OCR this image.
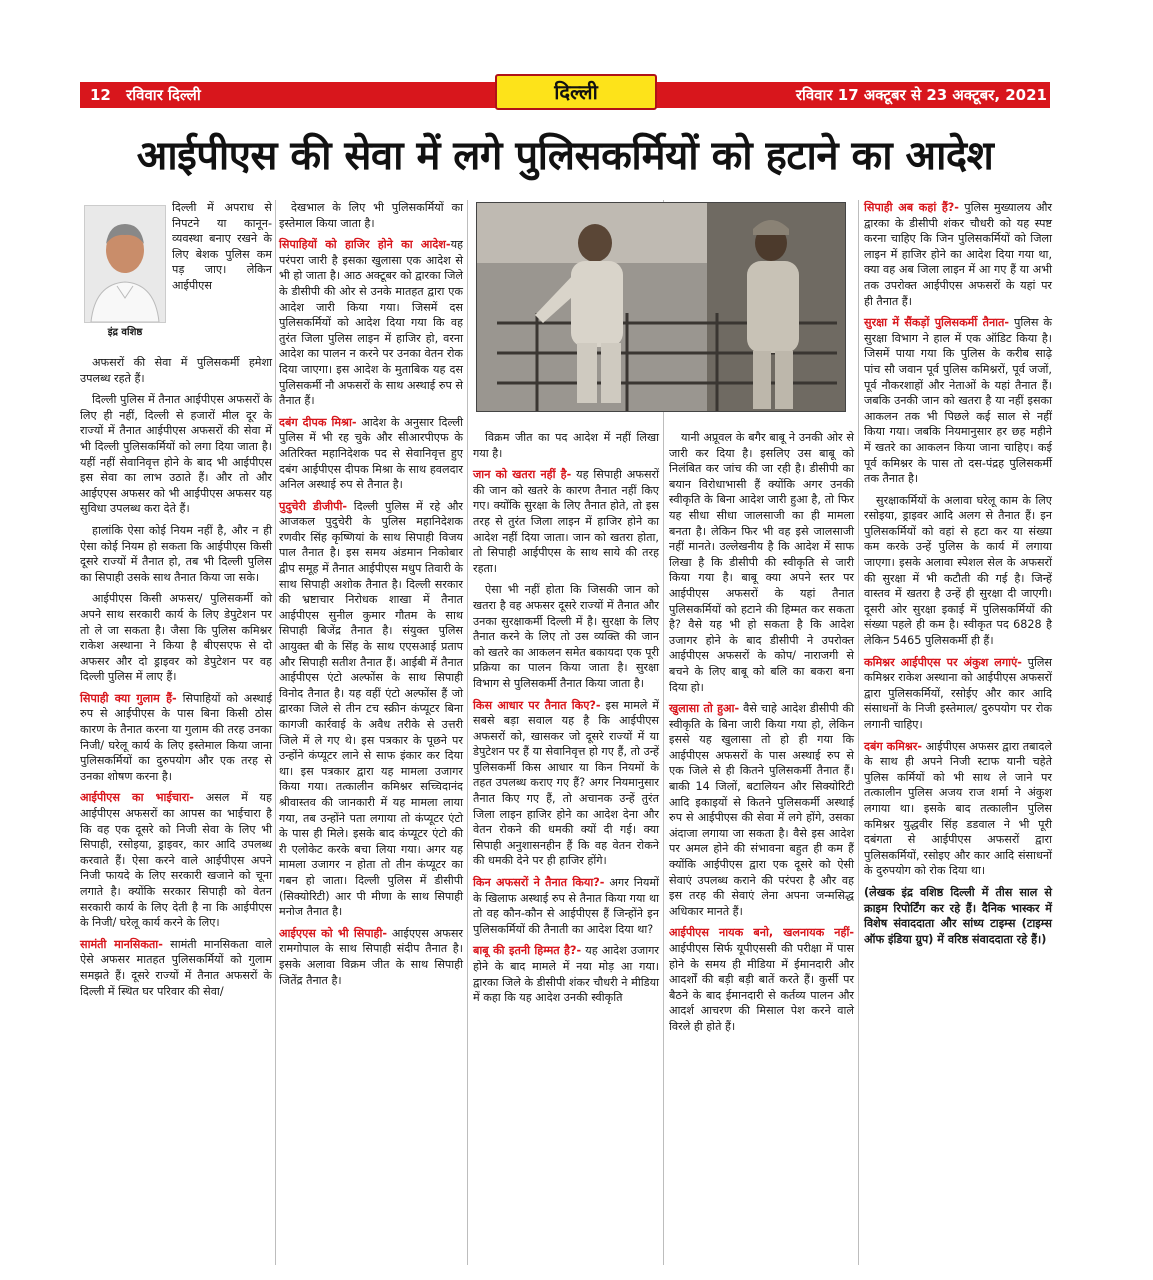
12 रविवार दिल्ली	दिल्ली	रविवार 17 अक्टूबर से 23 अक्टूबर, 2021
आईपीएस की सेवा में लगे पुलिसकर्मियों को हटाने का आदेश
इंद्र वशिष्ठ

दिल्ली में अपराध से निपटने या कानून-व्यवस्था बनाए रखने के लिए बेशक पुलिस कम पड़ जाए। लेकिन आईपीएस

अफसरों की सेवा में पुलिसकर्मी हमेशा उपलब्ध रहते हैं।

दिल्ली पुलिस में तैनात आईपीएस अफसरों के लिए ही नहीं, दिल्ली से हजारों मील दूर के राज्यों में तैनात आईपीएस अफसरों की सेवा में भी दिल्ली पुलिसकर्मियों को लगा दिया जाता है। यहीं नहीं सेवानिवृत्त होने के बाद भी आईपीएस इस सेवा का लाभ उठाते हैं। और तो और आईएएस अफसर को भी आईपीएस अफसर यह सुविधा उपलब्ध करा देते हैं।

हालांकि ऐसा कोई नियम नहीं है, और न ही ऐसा कोई नियम हो सकता कि आईपीएस किसी दूसरे राज्यों में तैनात हो, तब भी दिल्ली पुलिस का सिपाही उसके साथ तैनात किया जा सके।

आईपीएस किसी अफसर/ पुलिसकर्मी को अपने साथ सरकारी कार्य के लिए डेपुटेशन पर तो ले जा सकता है। जैसा कि पुलिस कमिश्नर राकेश अस्थाना ने किया है बीएसएफ से दो अफसर और दो ड्राइवर को डेपुटेशन पर वह दिल्ली पुलिस में लाए हैं।

सिपाही क्या गुलाम हैं- सिपाहियों को अस्थाई रुप से आईपीएस के पास बिना किसी ठोस कारण के तैनात करना या गुलाम की तरह उनका निजी/ घरेलू कार्य के लिए इस्तेमाल किया जाना पुलिसकर्मियों का दुरुपयोग और एक तरह से उनका शोषण करना है।

आईपीएस का भाईचारा- असल में यह आईपीएस अफसरों का आपस का भाईचारा है कि वह एक दूसरे को निजी सेवा के लिए भी सिपाही, रसोइया, ड्राइवर, कार आदि उपलब्ध करवाते हैं। ऐसा करने वाले आईपीएस अपने निजी फायदे के लिए सरकारी खजाने को चूना लगाते है। क्योंकि सरकार सिपाही को वेतन सरकारी कार्य के लिए देती है ना कि आईपीएस के निजी/ घरेलू कार्य करने के लिए।

सामंती मानसिकता- सामंती मानसिकता वाले ऐसे अफसर मातहत पुलिसकर्मियों को गुलाम समझते हैं। दूसरे राज्यों में तैनात अफसरों के दिल्ली में स्थित घर परिवार की सेवा/

देखभाल के लिए भी पुलिसकर्मियों का इस्तेमाल किया जाता है।

सिपाहियों को हाजिर होने का आदेश-यह परंपरा जारी है इसका खुलासा एक आदेश से भी हो जाता है। आठ अक्टूबर को द्वारका जिले के डीसीपी की ओर से उनके मातहत द्वारा एक आदेश जारी किया गया। जिसमें दस पुलिसकर्मियों को आदेश दिया गया कि वह तुरंत जिला पुलिस लाइन में हाजिर हो, वरना आदेश का पालन न करने पर उनका वेतन रोक दिया जाएगा। इस आदेश के मुताबिक यह दस पुलिसकर्मी नौ अफसरों के साथ अस्थाई रुप से तैनात हैं।

दबंग दीपक मिश्रा- आदेश के अनुसार दिल्ली पुलिस में भी रह चुके और सीआरपीएफ के अतिरिक्त महानिदेशक पद से सेवानिवृत्त हुए दबंग आईपीएस दीपक मिश्रा के साथ हवलदार अनिल अस्थाई रुप से तैनात है।

पुदुचेरी डीजीपी- दिल्ली पुलिस में रहे और आजकल पुदुचेरी के पुलिस महानिदेशक रणवीर सिंह कृष्णियां के साथ सिपाही विजय पाल तैनात है। इस समय अंडमान निकोबार द्वीप समूह में तैनात आईपीएस मधुप तिवारी के साथ सिपाही अशोक तैनात है। दिल्ली सरकार की भ्रष्टाचार निरोधक शाखा में तैनात आईपीएस सुनील कुमार गौतम के साथ सिपाही बिजेंद्र तैनात है। संयुक्त पुलिस आयुक्त बी के सिंह के साथ एएसआई प्रताप और सिपाही सतीश तैनात हैं। आईबी में तैनात आईपीएस एंटो अल्फोंस के साथ सिपाही विनोद तैनात है। यह वहीं एंटो अल्फोंस हैं जो द्वारका जिले से तीन टच स्क्रीन कंप्यूटर बिना कागजी कार्रवाई के अवैध तरीके से उत्तरी जिले में ले गए थे। इस पत्रकार के पूछने पर उन्होंने कंप्यूटर लाने से साफ इंकार कर दिया था। इस पत्रकार द्वारा यह मामला उजागर किया गया। तत्कालीन कमिश्नर सच्चिदानंद श्रीवास्तव की जानकारी में यह मामला लाया गया, तब उन्होंने पता लगाया तो कंप्यूटर एंटो के पास ही मिले। इसके बाद कंप्यूटर एंटो की री एलोकेट करके बचा लिया गया। अगर यह मामला उजागर न होता तो तीन कंप्यूटर का गबन हो जाता। दिल्ली पुलिस में डीसीपी (सिक्योरिटी) आर पी मीणा के साथ सिपाही मनोज तैनात है।

आईएएस को भी सिपाही- आईएएस अफसर रामगोपाल के साथ सिपाही संदीप तैनात है। इसके अलावा विक्रम जीत के साथ सिपाही जितेंद्र तैनात है।

विक्रम जीत का पद आदेश में नहीं लिखा गया है।

जान को खतरा नहीं है- यह सिपाही अफसरों की जान को खतरे के कारण तैनात नहीं किए गए। क्योंकि सुरक्षा के लिए तैनात होते, तो इस तरह से तुरंत जिला लाइन में हाजिर होने का आदेश नहीं दिया जाता। जान को खतरा होता, तो सिपाही आईपीएस के साथ साये की तरह रहता।

ऐसा भी नहीं होता कि जिसकी जान को खतरा है वह अफसर दूसरे राज्यों में तैनात और उनका सुरक्षाकर्मी दिल्ली में है। सुरक्षा के लिए तैनात करने के लिए तो उस व्यक्ति की जान को खतरे का आकलन समेत बकायदा एक पूरी प्रक्रिया का पालन किया जाता है। सुरक्षा विभाग से पुलिसकर्मी तैनात किया जाता है।

किस आधार पर तैनात किए?- इस मामले में सबसे बड़ा सवाल यह है कि आईपीएस अफसरों को, खासकर जो दूसरे राज्यों में या डेपुटेशन पर हैं या सेवानिवृत्त हो गए हैं, तो उन्हें पुलिसकर्मी किस आधार या किन नियमों के तहत उपलब्ध कराए गए हैं? अगर नियमानुसार तैनात किए गए हैं, तो अचानक उन्हें तुरंत जिला लाइन हाजिर होने का आदेश देना और वेतन रोकने की धमकी क्यों दी गई। क्या सिपाही अनुशासनहीन हैं कि वह वेतन रोकने की धमकी देने पर ही हाजिर होंगे।

किन अफसरों ने तैनात किया?- अगर नियमों के खिलाफ अस्थाई रुप से तैनात किया गया था तो वह कौन-कौन से आईपीएस हैं जिन्होंने इन पुलिसकर्मियों की तैनाती का आदेश दिया था?

बाबू की इतनी हिम्मत है?- यह आदेश उजागर होने के बाद मामले में नया मोड़ आ गया। द्वारका जिले के डीसीपी शंकर चौधरी ने मीडिया में कहा कि यह आदेश उनकी स्वीकृति

यानी अप्रूवल के बगैर बाबू ने उनकी ओर से जारी कर दिया है। इसलिए उस बाबू को निलंबित कर जांच की जा रही है। डीसीपी का बयान विरोधाभासी हैं क्योंकि अगर उनकी स्वीकृति के बिना आदेश जारी हुआ है, तो फिर यह सीधा सीधा जालसाजी का ही मामला बनता है। लेकिन फिर भी वह इसे जालसाजी नहीं मानते। उल्लेखनीय है कि आदेश में साफ लिखा है कि डीसीपी की स्वीकृति से जारी किया गया है। बाबू क्या अपने स्तर पर आईपीएस अफसरों के यहां तैनात पुलिसकर्मियों को हटाने की हिम्मत कर सकता है? वैसे यह भी हो सकता है कि आदेश उजागर होने के बाद डीसीपी ने उपरोक्त आईपीएस अफसरों के कोप/ नाराजगी से बचने के लिए बाबू को बलि का बकरा बना दिया हो।

खुलासा तो हुआ- वैसे चाहे आदेश डीसीपी की स्वीकृति के बिना जारी किया गया हो, लेकिन इससे यह खुलासा तो हो ही गया कि आईपीएस अफसरों के पास अस्थाई रुप से एक जिले से ही कितने पुलिसकर्मी तैनात हैं। बाकी 14 जिलों, बटालियन और सिक्योरिटी आदि इकाइयों से कितने पुलिसकर्मी अस्थाई रुप से आईपीएस की सेवा में लगे होंगे, उसका अंदाजा लगाया जा सकता है। वैसे इस आदेश पर अमल होने की संभावना बहुत ही कम हैं क्योंकि आईपीएस द्वारा एक दूसरे को ऐसी सेवाएं उपलब्ध कराने की परंपरा है और वह इस तरह की सेवाएं लेना अपना जन्मसिद्ध अधिकार मानते हैं।

आईपीएस नायक बनो, खलनायक नहीं- आईपीएस सिर्फ यूपीएससी की परीक्षा में पास होने के समय ही मीडिया में ईमानदारी और आदर्शों की बड़ी बड़ी बातें करते हैं। कुर्सी पर बैठने के बाद ईमानदारी से कर्तव्य पालन और आदर्श आचरण की मिसाल पेश करने वाले विरले ही होते हैं।

सिपाही अब कहां हैं?- पुलिस मुख्यालय और द्वारका के डीसीपी शंकर चौधरी को यह स्पष्ट करना चाहिए कि जिन पुलिसकर्मियों को जिला लाइन में हाजिर होने का आदेश दिया गया था, क्या वह अब जिला लाइन में आ गए हैं या अभी तक उपरोक्त आईपीएस अफसरों के यहां पर ही तैनात हैं।

सुरक्षा में सैंकड़ों पुलिसकर्मी तैनात- पुलिस के सुरक्षा विभाग ने हाल में एक ऑडिट किया है। जिसमें पाया गया कि पुलिस के करीब साढ़े पांच सौ जवान पूर्व पुलिस कमिश्नरों, पूर्व जजों, पूर्व नौकरशाहों और नेताओं के यहां तैनात हैं। जबकि उनकी जान को खतरा है या नहीं इसका आकलन तक भी पिछले कई साल से नहीं किया गया। जबकि नियमानुसार हर छह महीने में खतरे का आकलन किया जाना चाहिए। कई पूर्व कमिश्नर के पास तो दस-पंद्रह पुलिसकर्मी तक तैनात है।

सुरक्षाकर्मियों के अलावा घरेलू काम के लिए रसोइया, ड्राइवर आदि अलग से तैनात हैं। इन पुलिसकर्मियों को वहां से हटा कर या संख्या कम करके उन्हें पुलिस के कार्य में लगाया जाएगा। इसके अलावा स्पेशल सेल के अफसरों की सुरक्षा में भी कटौती की गई है। जिन्हें वास्तव में खतरा है उन्हें ही सुरक्षा दी जाएगी। दूसरी ओर सुरक्षा इकाई में पुलिसकर्मियों की संख्या पहले ही कम है। स्वीकृत पद 6828 है लेकिन 5465 पुलिसकर्मी ही हैं।

कमिश्नर आईपीएस पर अंकुश लगाएं- पुलिस कमिश्नर राकेश अस्थाना को आईपीएस अफसरों द्वारा पुलिसकर्मियों, रसोईए और कार आदि संसाधनों के निजी इस्तेमाल/ दुरुपयोग पर रोक लगानी चाहिए।

दबंग कमिश्नर- आईपीएस अफसर द्वारा तबादले के साथ ही अपने निजी स्टाफ यानी चहेते पुलिस कर्मियों को भी साथ ले जाने पर तत्कालीन पुलिस अजय राज शर्मा ने अंकुश लगाया था। इसके बाद तत्कालीन पुलिस कमिश्नर युद्धवीर सिंह डडवाल ने भी पूरी दबंगता से आईपीएस अफसरों द्वारा पुलिसकर्मियों, रसोइए और कार आदि संसाधनों के दुरुपयोग को रोक दिया था।

(लेखक इंद्र वशिष्ठ दिल्ली में तीस साल से क्राइम रिपोर्टिंग कर रहे हैं। दैनिक भास्कर में विशेष संवाददाता और सांध्य टाइम्स (टाइम्स ऑफ इंडिया ग्रुप) में वरिष्ठ संवाददाता रहे हैं।)
